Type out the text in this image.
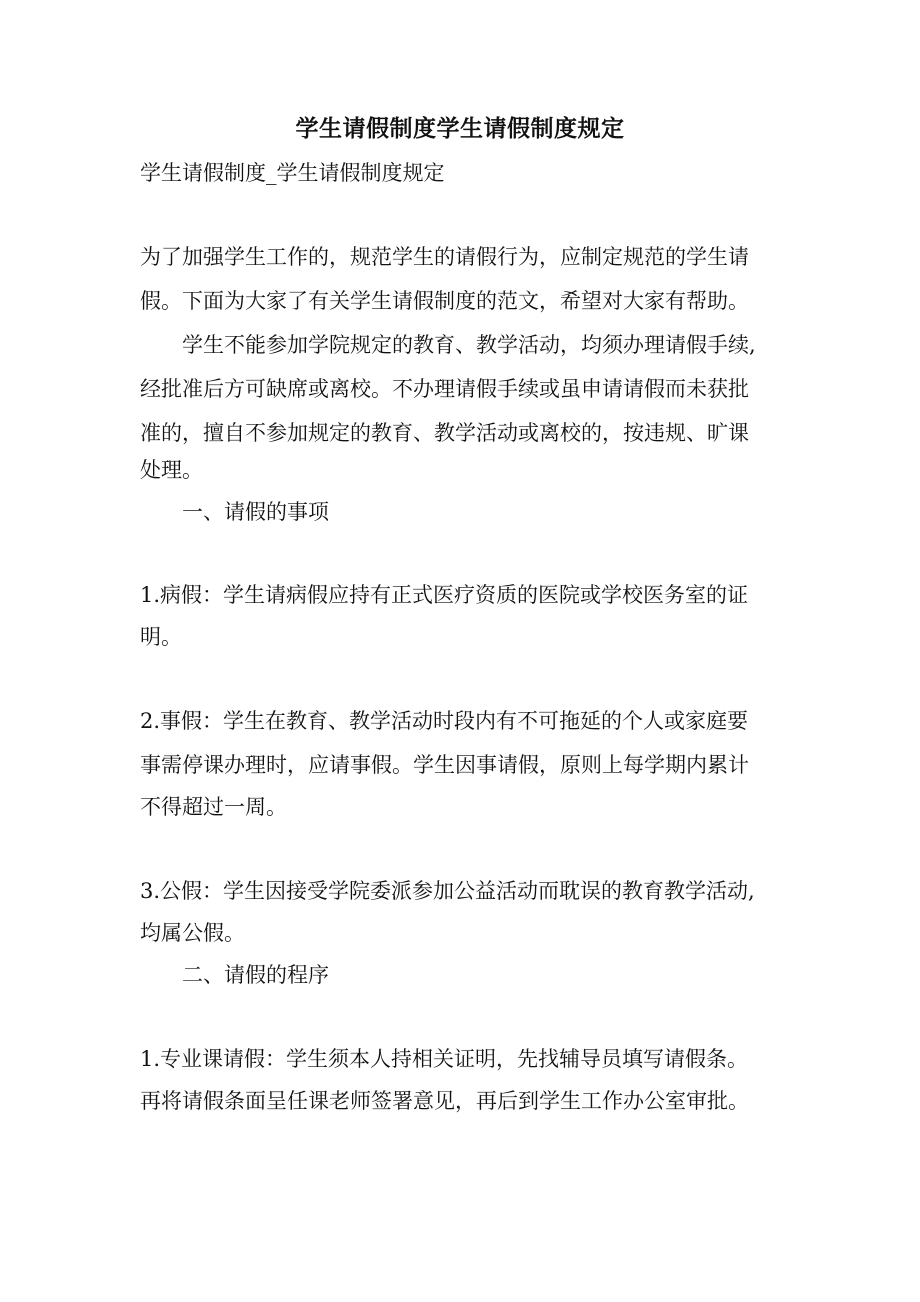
学生请假制度学生请假制度规定
学生请假制度_学生请假制度规定
为了加强学生工作的，规范学生的请假行为，应制定规范的学生请
假。下面为大家了有关学生请假制度的范文，希望对大家有帮助。
学生不能参加学院规定的教育、教学活动，均须办理请假手续,
经批准后方可缺席或离校。不办理请假手续或虽申请请假而未获批
准的，擅自不参加规定的教育、教学活动或离校的，按违规、旷课
处理。
一、请假的事项
1.病假：学生请病假应持有正式医疗资质的医院或学校医务室的证
明。
2.事假：学生在教育、教学活动时段内有不可拖延的个人或家庭要
事需停课办理时，应请事假。学生因事请假，原则上每学期内累计
不得超过一周。
3.公假：学生因接受学院委派参加公益活动而耽误的教育教学活动,
均属公假。
二、请假的程序
1.专业课请假：学生须本人持相关证明，先找辅导员填写请假条。
再将请假条面呈任课老师签署意见，再后到学生工作办公室审批。
